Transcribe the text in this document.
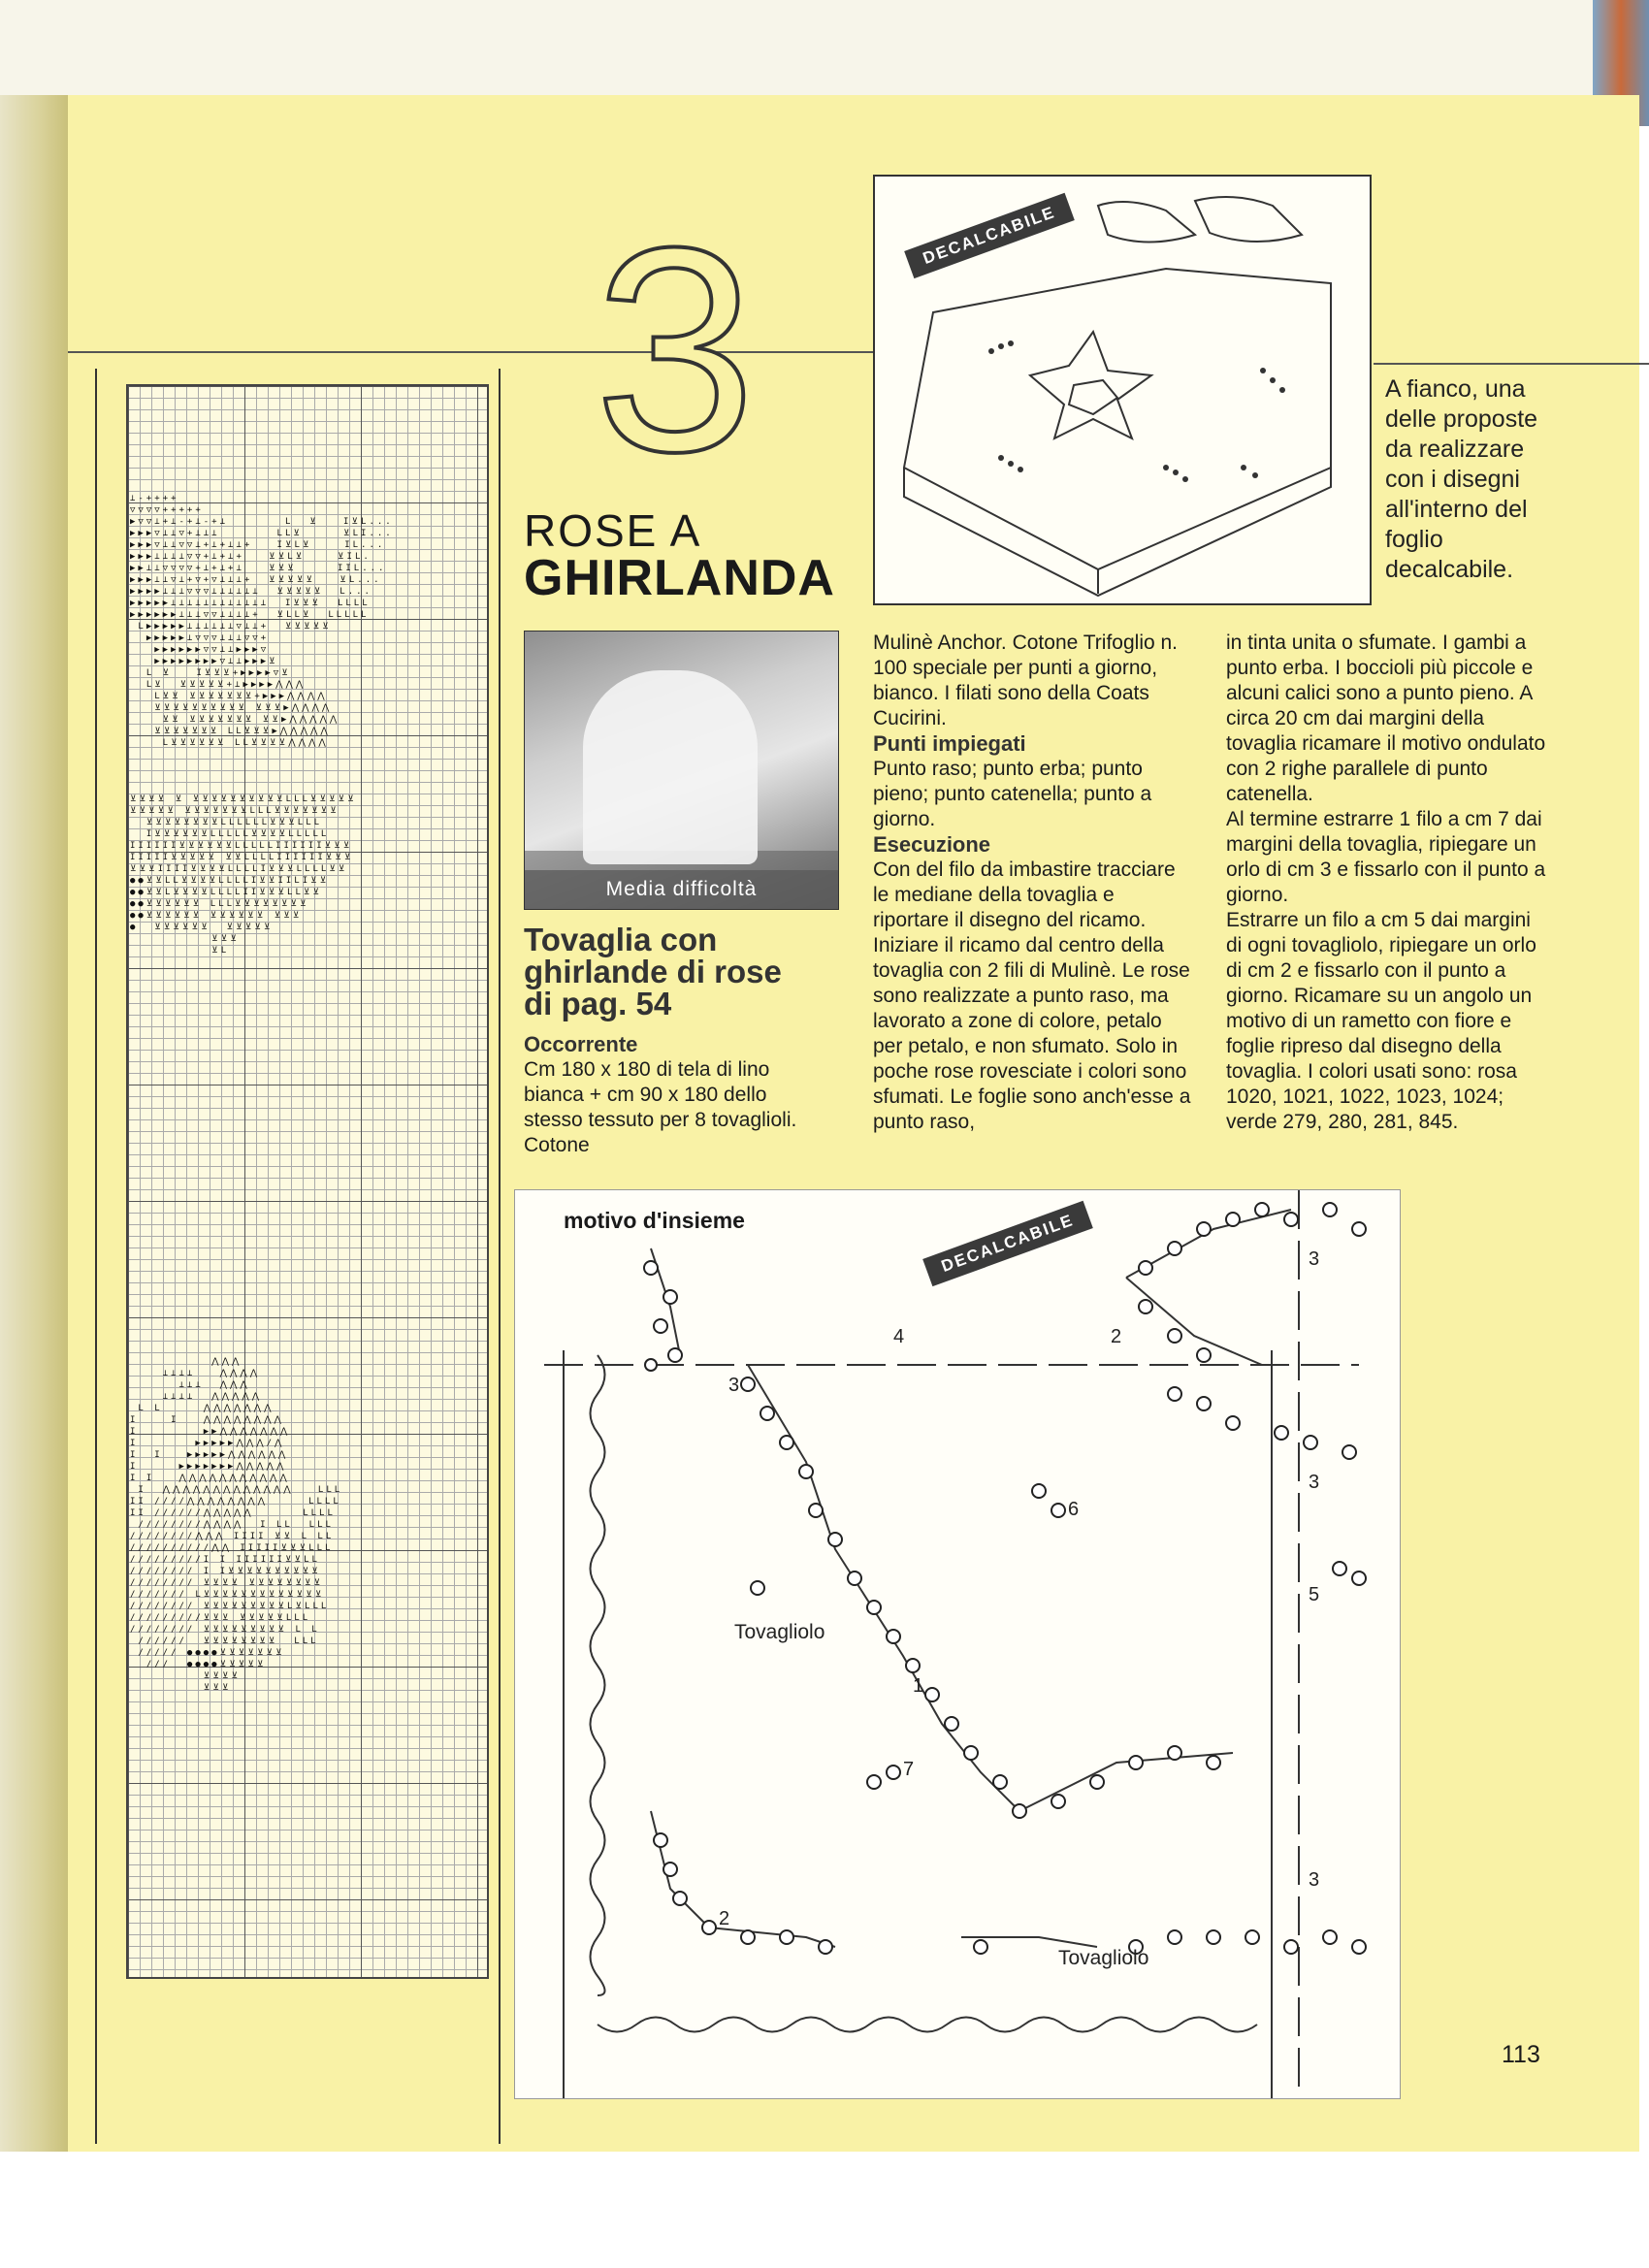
⊥-++++
▽▽▽▽+++++
▶▽▽⊥+⊥-+⊥-+⊥       L  ⊻   I⊻L...
▶▶▶▽⊥⊥▽+⊥⊥⊥       LL⊻     ⊻LI...
▶▶▶▽⊥⊥▽▽⊥+⊥+⊥⊥+   I⊻L⊻    IL...
▶▶▶⊥⊥⊥⊥▽▽+⊥+⊥+   ⊻⊻L⊻    ⊻IL.
▶▶⊥⊥▽▽▽▽+⊥+⊥+⊥   ⊻⊻⊻     IIL...
▶▶▶⊥⊥▽⊥+▽+▽⊥⊥⊥+  ⊻⊻⊻⊻⊻   ⊻L...
▶▶▶▶⊥⊥⊥▽▽▽⊥⊥⊥⊥⊥⊥  ⊻⊻⊻⊻⊻  L...
▶▶▶▶▶⊥⊥⊥⊥⊥⊥⊥⊥⊥⊥⊥⊥  I⊻⊻⊻  LLLL
▶▶▶▶▶▶⊥⊥⊥▽▽⊥⊥⊥⊥+  ⊻LL⊻  LLLLL
L▶▶▶▶▶⊥⊥⊥⊥⊥⊥▽⊥⊥+  ⊻⊻⊻⊻⊻
▶▶▶▶▶⊥▽▽▽⊥⊥⊥▽▽+
▶▶▶▶▶▶▽▽⊥⊥▶▶▶▽
▶▶▶▶▶▶▶▶▽⊥⊥▶▶▶⊻
L ⊻   I⊻⊻⊻+▶▶▶▶▽⊻
L⊻  ⊻⊻⊻⊻⊻+⊥▶▶▶▶⋀⋀⋀
L⊻⊻ ⊻⊻⊻⊻⊻⊻⊻+▶▶▶⋀⋀⋀⋀
⊻⊻⊻⊻⊻⊻⊻⊻⊻⊻ ⊻⊻⊻▶⋀⋀⋀⋀
⊻⊻ ⊻⊻⊻⊻⊻⊻⊻ ⊻⊻▶⋀⋀⋀⋀⋀
⊻⊻⊻⊻⊻⊻⊻ LL⊻⊻⊻▶⋀⋀⋀⋀⋀
L⊻⊻⊻⊻⊻⊻ LL⊻⊻⊻⊻⋀⋀⋀⋀
⊻⊻⊻⊻ ⊻ ⊻⊻⊻⊻⊻⊻⊻⊻⊻⊻LLL⊻⊻⊻⊻⊻
⊻⊻⊻⊻⊻ ⊻⊻⊻⊻⊻⊻⊻LLL⊻⊻⊻⊻⊻⊻⊻
⊻⊻⊻⊻⊻⊻⊻⊻LLLLLL⊻⊻⊻LLL
I⊻⊻⊻⊻⊻⊻LLLLL⊻⊻⊻⊻LLLLL
IIIIII⊻⊻⊻⊻⊻⊻LLLLLIIIIII⊻⊻⊻
IIIII⊻⊻⊻⊻⊻ ⊻⊻LLLLIIIIII⊻⊻⊻
⊻⊻⊻IIII⊻⊻⊻⊻LLLLI⊻⊻⊻LLLL⊻⊻
●●⊻⊻LL⊻⊻⊻⊻LLLLI⊻⊻IILI⊻⊻
●●⊻⊻L⊻⊻⊻⊻LLLLII⊻⊻⊻LL⊻⊻
●●⊻⊻⊻⊻⊻⊻ LLL⊻⊻⊻⊻⊻⊻⊻⊻
●●⊻⊻⊻⊻⊻⊻ ⊻⊻⊻⊻⊻⊻ ⊻⊻⊻
●  ⊻⊻⊻⊻⊻⊻  ⊻⊻⊻⊻⊻
⊻⊻⊻
⊻L
⋀⋀⋀
⊥⊥⊥⊥   ⋀⋀⋀⋀
⊥⊥⊥  ⋀⋀⋀
⊥⊥⊥⊥  ⋀⋀⋀⋀⋀
L L     ⋀⋀⋀⋀⋀⋀⋀
I    I   ⋀⋀⋀⋀⋀⋀⋀⋀
I        ▶▶⋀⋀⋀⋀⋀⋀⋀
I       ▶▶▶▶▶⋀⋀⋀/⋀
I  I   ▶▶▶▶▶⋀⋀⋀⋀⋀⋀
I     ▶▶▶▶▶▶▶⋀⋀⋀⋀⋀
I I   ⋀⋀⋀⋀⋀⋀⋀⋀⋀⋀⋀
I  ⋀⋀⋀⋀⋀⋀⋀⋀⋀⋀⋀⋀⋀   LLL
II ////⋀⋀⋀⋀⋀⋀⋀⋀     LLLL
II //////⋀⋀⋀⋀⋀      LLLL
////////⋀⋀⋀⋀  I LL  LLL
////////⋀⋀⋀ IIII ⊻⊻ L LL
//////////⋀⋀ IIIII⊻⊻⊻LLL
/////////I I IIIIII⊻⊻LL
//////// I I⊻⊻⊻⊻⊻⊻⊻⊻⊻⊻
//////// ⊻⊻⊻⊻ ⊻⊻⊻⊻⊻⊻⊻⊻
/////// L⊻⊻⊻⊻⊻⊻⊻⊻⊻⊻⊻⊻⊻
//////// ⊻⊻⊻⊻⊻⊻⊻⊻⊻L⊻LLL
/////////⊻⊻⊻ ⊻⊻⊻⊻⊻LLL
//////// ⊻⊻⊻⊻⊻⊻⊻⊻⊻ L L
//////  ⊻⊻⊻⊻⊻⊻⊻⊻  LLL
///// ●●●●⊻⊻⊻⊻⊻⊻⊻
///  ●●●●⊻⊻⊻⊻⊻
⊻⊻⊻⊻
⊻⊻⊻
3
ROSE A
GHIRLANDA
DECALCABILE
A fianco, una delle proposte da realizzare con i disegni all'interno del foglio decalcabile.
Media difficoltà
Tovaglia con ghirlande di rose di pag. 54
Occorrente

Cm 180 x 180 di tela di lino bianca + cm 90 x 180 dello stesso tessuto per 8 tovaglioli. Cotone

Mulinè Anchor. Cotone Trifoglio n. 100 speciale per punti a giorno, bianco. I filati sono della Coats Cucirini.

Punti impiegati

Punto raso; punto erba; punto pieno; punto catenella; punto a giorno.

Esecuzione

Con del filo da imbastire tracciare le mediane della tovaglia e riportare il disegno del ricamo. Iniziare il ricamo dal centro della tovaglia con 2 fili di Mulinè. Le rose sono realizzate a punto raso, ma lavorato a zone di colore, petalo per petalo, e non sfumato. Solo in poche rose rovesciate i colori sono sfumati. Le foglie sono anch'esse a punto raso,

in tinta unita o sfumate. I gambi a punto erba. I boccioli più piccole e alcuni calici sono a punto pieno. A circa 20 cm dai margini della tovaglia ricamare il motivo ondulato con 2 righe parallele di punto catenella.

Al termine estrarre 1 filo a cm 7 dai margini della tovaglia, ripiegare un orlo di cm 3 e fissarlo con il punto a giorno.

Estrarre un filo a cm 5 dai margini di ogni tovagliolo, ripiegare un orlo di cm 2 e fissarlo con il punto a giorno. Ricamare su un angolo un motivo di un rametto con fiore e foglie ripreso dal disegno della tovaglia. I colori usati sono: rosa 1020, 1021, 1022, 1023, 1024; verde 279, 280, 281, 845.

motivo d'insieme	DECALCABILE
1
2
2
3
3
3
3
4
5
6
7
Tovagliolo
Tovagliolo
113
